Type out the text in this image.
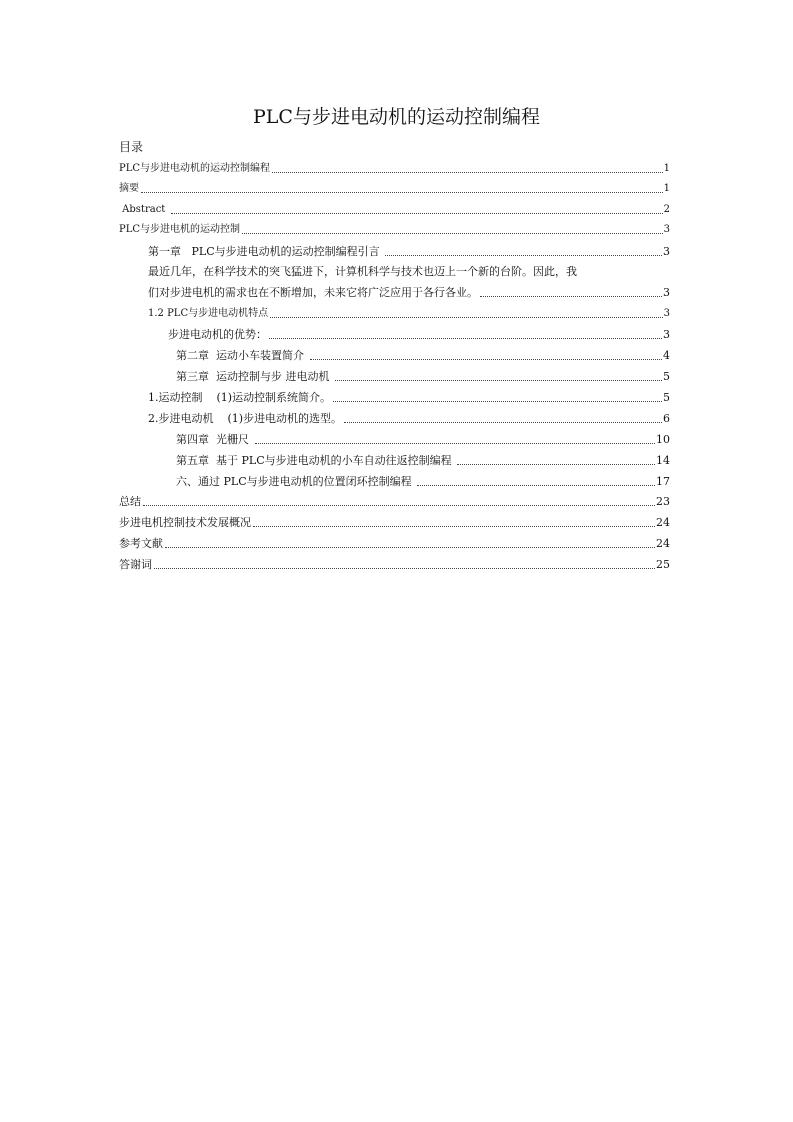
PLC与步进电动机的运动控制编程
目录
PLC与步进电动机的运动控制编程	1
摘要	1
Abstract	2
PLC与步进电机的运动控制	3
第一章   PLC与步进电动机的运动控制编程引言	3
最近几年，在科学技术的突飞猛进下，计算机科学与技术也迈上一个新的台阶。因此，我
们对步进电机的需求也在不断增加，未来它将广泛应用于各行各业。	3
1.2 PLC与步进电动机特点	3
步进电动机的优势：	3
第二章  运动小车装置简介	4
第三章  运动控制与步 进电动机	5
1.运动控制    (1)运动控制系统简介。	5
2.步进电动机    (1)步进电动机的选型。	6
第四章  光栅尺	10
第五章  基于 PLC与步进电动机的小车自动往返控制编程	14
六、通过 PLC与步进电动机的位置闭环控制编程	17
总结	23
步进电机控制技术发展概况	24
参考文献	24
答谢词	25
